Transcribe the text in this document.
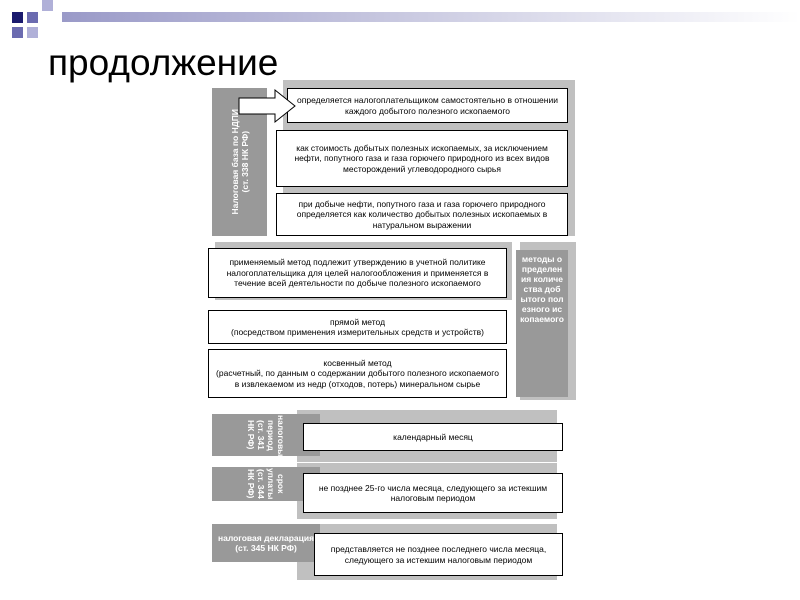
продолжение
Налоговая база по НДПИ
(ст. 338 НК РФ)
определяется налогоплательщиком самостоятельно в отношении каждого добытого полезного ископаемого
как стоимость добытых полезных ископаемых, за исключением нефти, попутного газа и газа горючего природного из всех видов месторождений углеводородного сырья
при добыче нефти, попутного газа и газа горючего природного определяется как количество добытых полезных ископаемых в натуральном выражении
методы определения количества добытого полезного ископаемого
применяемый метод подлежит утверждению в учетной политике налогоплательщика для целей налогообложения и применяется в течение всей деятельности по добыче полезного ископаемого
прямой метод
(посредством применения измерительных средств и устройств)
косвенный метод
(расчетный, по данным о содержании добытого полезного ископаемого в извлекаемом из недр (отходов, потерь) минеральном сырье
налоговый период
(ст. 341 НК РФ)	календарный месяц
срок уплаты
(ст. 344 НК РФ)	не позднее 25-го числа месяца, следующего за истекшим налоговым периодом
налоговая декларация
(ст. 345 НК РФ)	представляется не позднее последнего числа месяца, следующего за истекшим налоговым периодом
